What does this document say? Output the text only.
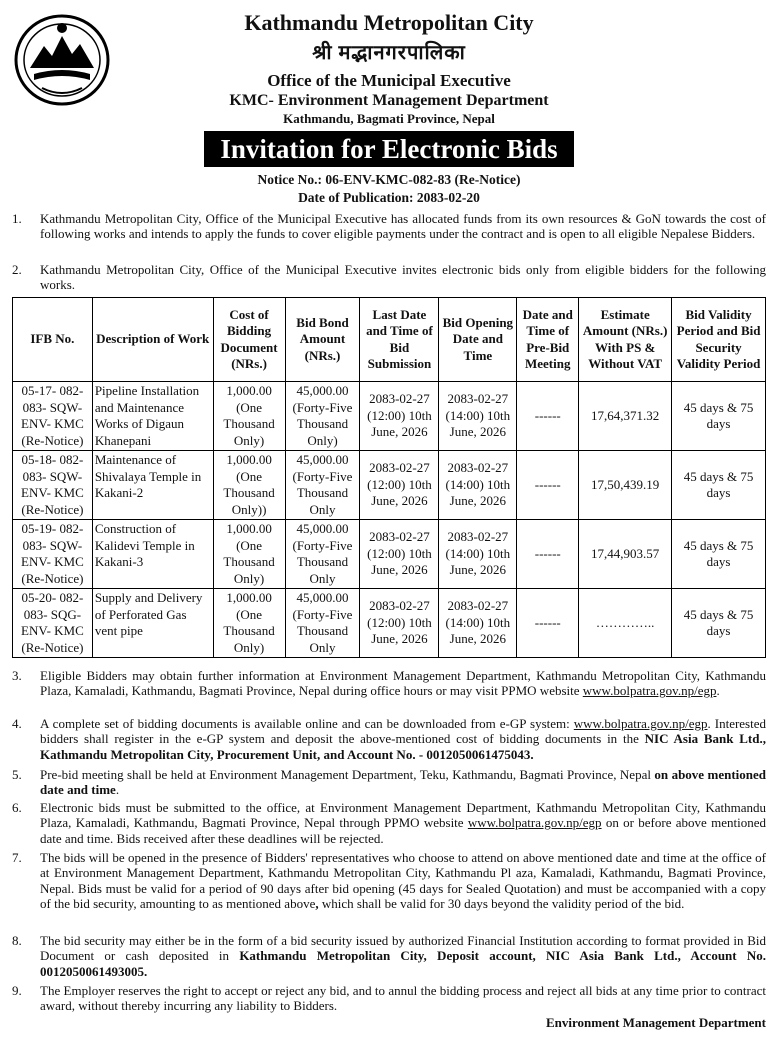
Kathmandu Metropolitan City
श्री मद्भानगरपालिका
Office of the Municipal Executive
KMC- Environment Management Department
Kathmandu, Bagmati Province, Nepal
Invitation for Electronic Bids
Notice No.: 06-ENV-KMC-082-83 (Re-Notice)
Date of Publication: 2083-02-20
1. Kathmandu Metropolitan City, Office of the Municipal Executive has allocated funds from its own resources & GoN towards the cost of following works and intends to apply the funds to cover eligible payments under the contract and is open to all eligible Nepalese Bidders.
2. Kathmandu Metropolitan City, Office of the Municipal Executive invites electronic bids only from eligible bidders for the following works.
IFB No.	Description of Work	Cost of Bidding Document (NRs.)	Bid Bond Amount (NRs.)	Last Date and Time of Bid Submission	Bid Opening Date and Time	Date and Time of Pre-Bid Meeting	Estimate Amount (NRs.) With PS & Without VAT	Bid Validity Period and Bid Security Validity Period
05-17- 082-083- SQW-ENV- KMC (Re-Notice)	Pipeline Installation and Maintenance Works of Digaun Khanepani	1,000.00 (One Thousand Only)	45,000.00 (Forty-Five Thousand Only)	2083-02-27 (12:00) 10th June, 2026	2083-02-27 (14:00) 10th June, 2026	------	17,64,371.32	45 days & 75 days
05-18- 082-083- SQW-ENV- KMC (Re-Notice)	Maintenance of Shivalaya Temple in Kakani-2	1,000.00 (One Thousand Only))	45,000.00 (Forty-Five Thousand Only	2083-02-27 (12:00) 10th June, 2026	2083-02-27 (14:00) 10th June, 2026	------	17,50,439.19	45 days & 75 days
05-19- 082-083- SQW-ENV- KMC (Re-Notice)	Construction of Kalidevi Temple in Kakani-3	1,000.00 (One Thousand Only)	45,000.00 (Forty-Five Thousand Only	2083-02-27 (12:00) 10th June, 2026	2083-02-27 (14:00) 10th June, 2026	------	17,44,903.57	45 days & 75 days
05-20- 082-083- SQG-ENV- KMC (Re-Notice)	Supply and Delivery of Perforated Gas vent pipe	1,000.00 (One Thousand Only)	45,000.00 (Forty-Five Thousand Only	2083-02-27 (12:00) 10th June, 2026	2083-02-27 (14:00) 10th June, 2026	------	…………..	45 days & 75 days
3. Eligible Bidders may obtain further information at Environment Management Department, Kathmandu Metropolitan City, Kathmandu Plaza, Kamaladi, Kathmandu, Bagmati Province, Nepal during office hours or may visit PPMO website www.bolpatra.gov.np/egp.
4. A complete set of bidding documents is available online and can be downloaded from e-GP system: www.bolpatra.gov.np/egp. Interested bidders shall register in the e-GP system and deposit the above-mentioned cost of bidding documents in the NIC Asia Bank Ltd., Kathmandu Metropolitan City, Procurement Unit, and Account No. - 0012050061475043.
5. Pre-bid meeting shall be held at Environment Management Department, Teku, Kathmandu, Bagmati Province, Nepal on above mentioned date and time.
6. Electronic bids must be submitted to the office, at Environment Management Department, Kathmandu Metropolitan City, Kathmandu Plaza, Kamaladi, Kathmandu, Bagmati Province, Nepal through PPMO website www.bolpatra.gov.np/egp on or before above mentioned date and time. Bids received after these deadlines will be rejected.
7. The bids will be opened in the presence of Bidders' representatives who choose to attend on above mentioned date and time at the office of at Environment Management Department, Kathmandu Metropolitan City, Kathmandu Pl aza, Kamaladi, Kathmandu, Bagmati Province, Nepal. Bids must be valid for a period of 90 days after bid opening (45 days for Sealed Quotation) and must be accompanied with a copy of the bid security, amounting to as mentioned above, which shall be valid for 30 days beyond the validity period of the bid.
8. The bid security may either be in the form of a bid security issued by authorized Financial Institution according to format provided in Bid Document or cash deposited in Kathmandu Metropolitan City, Deposit account, NIC Asia Bank Ltd., Account No. 0012050061493005.
9. The Employer reserves the right to accept or reject any bid, and to annul the bidding process and reject all bids at any time prior to contract award, without thereby incurring any liability to Bidders.
Environment Management Department
